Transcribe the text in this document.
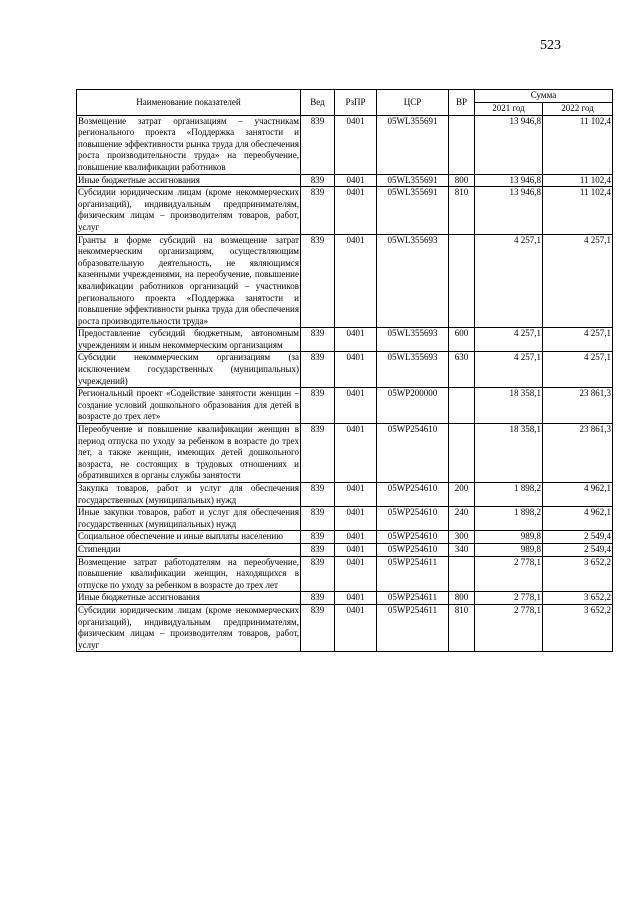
523
Наименование показателей	Вед	РзПР	ЦСР	ВР	Сумма	
					2021 год	2022 год
Возмещение затрат организациям – участникам регионального проекта «Поддержка занятости и повышение эффективности рынка труда для обеспечения роста производительности труда» на переобучение, повышение квалификации работников	839	0401	05WL355691		13 946,8	11 102,4
Иные бюджетные ассигнования	839	0401	05WL355691	800	13 946,8	11 102,4
Субсидии юридическим лицам (кроме некоммерческих организаций), индивидуальным предпринимателям, физическим лицам – производителям товаров, работ, услуг	839	0401	05WL355691	810	13 946,8	11 102,4
Гранты в форме субсидий на возмещение затрат некоммерческим организациям, осуществляющим образовательную деятельность, не являющимся казенными учреждениями, на переобучение, повышение квалификации работников организаций – участников регионального проекта «Поддержка занятости и повышение эффективности рынка труда для обеспечения роста производительности труда»	839	0401	05WL355693		4 257,1	4 257,1
Предоставление субсидий бюджетным, автономным учреждениям и иным некоммерческим организациям	839	0401	05WL355693	600	4 257,1	4 257,1
Субсидии некоммерческим организациям (за исключением государственных (муниципальных) учреждений)	839	0401	05WL355693	630	4 257,1	4 257,1
Региональный проект «Содействие занятости женщин – создание условий дошкольного образования для детей в возрасте до трех лет»	839	0401	05WP200000		18 358,1	23 861,3
Переобучение и повышение квалификации женщин в период отпуска по уходу за ребенком в возрасте до трех лет, а также женщин, имеющих детей дошкольного возраста, не состоящих в трудовых отношениях и обратившихся в органы службы занятости	839	0401	05WP254610		18 358,1	23 861,3
Закупка товаров, работ и услуг для обеспечения государственных (муниципальных) нужд	839	0401	05WP254610	200	1 898,2	4 962,1
Иные закупки товаров, работ и услуг для обеспечения государственных (муниципальных) нужд	839	0401	05WP254610	240	1 898,2	4 962,1
Социальное обеспечение и иные выплаты населению	839	0401	05WP254610	300	989,8	2 549,4
Стипендии	839	0401	05WP254610	340	989,8	2 549,4
Возмещение затрат работодателям на переобучение, повышение квалификации женщин, находящихся в отпуске по уходу за ребенком в возрасте до трех лет	839	0401	05WP254611		2 778,1	3 652,2
Иные бюджетные ассигнования	839	0401	05WP254611	800	2 778,1	3 652,2
Субсидии юридическим лицам (кроме некоммерческих организаций), индивидуальным предпринимателям, физическим лицам – производителям товаров, работ, услуг	839	0401	05WP254611	810	2 778,1	3 652,2
